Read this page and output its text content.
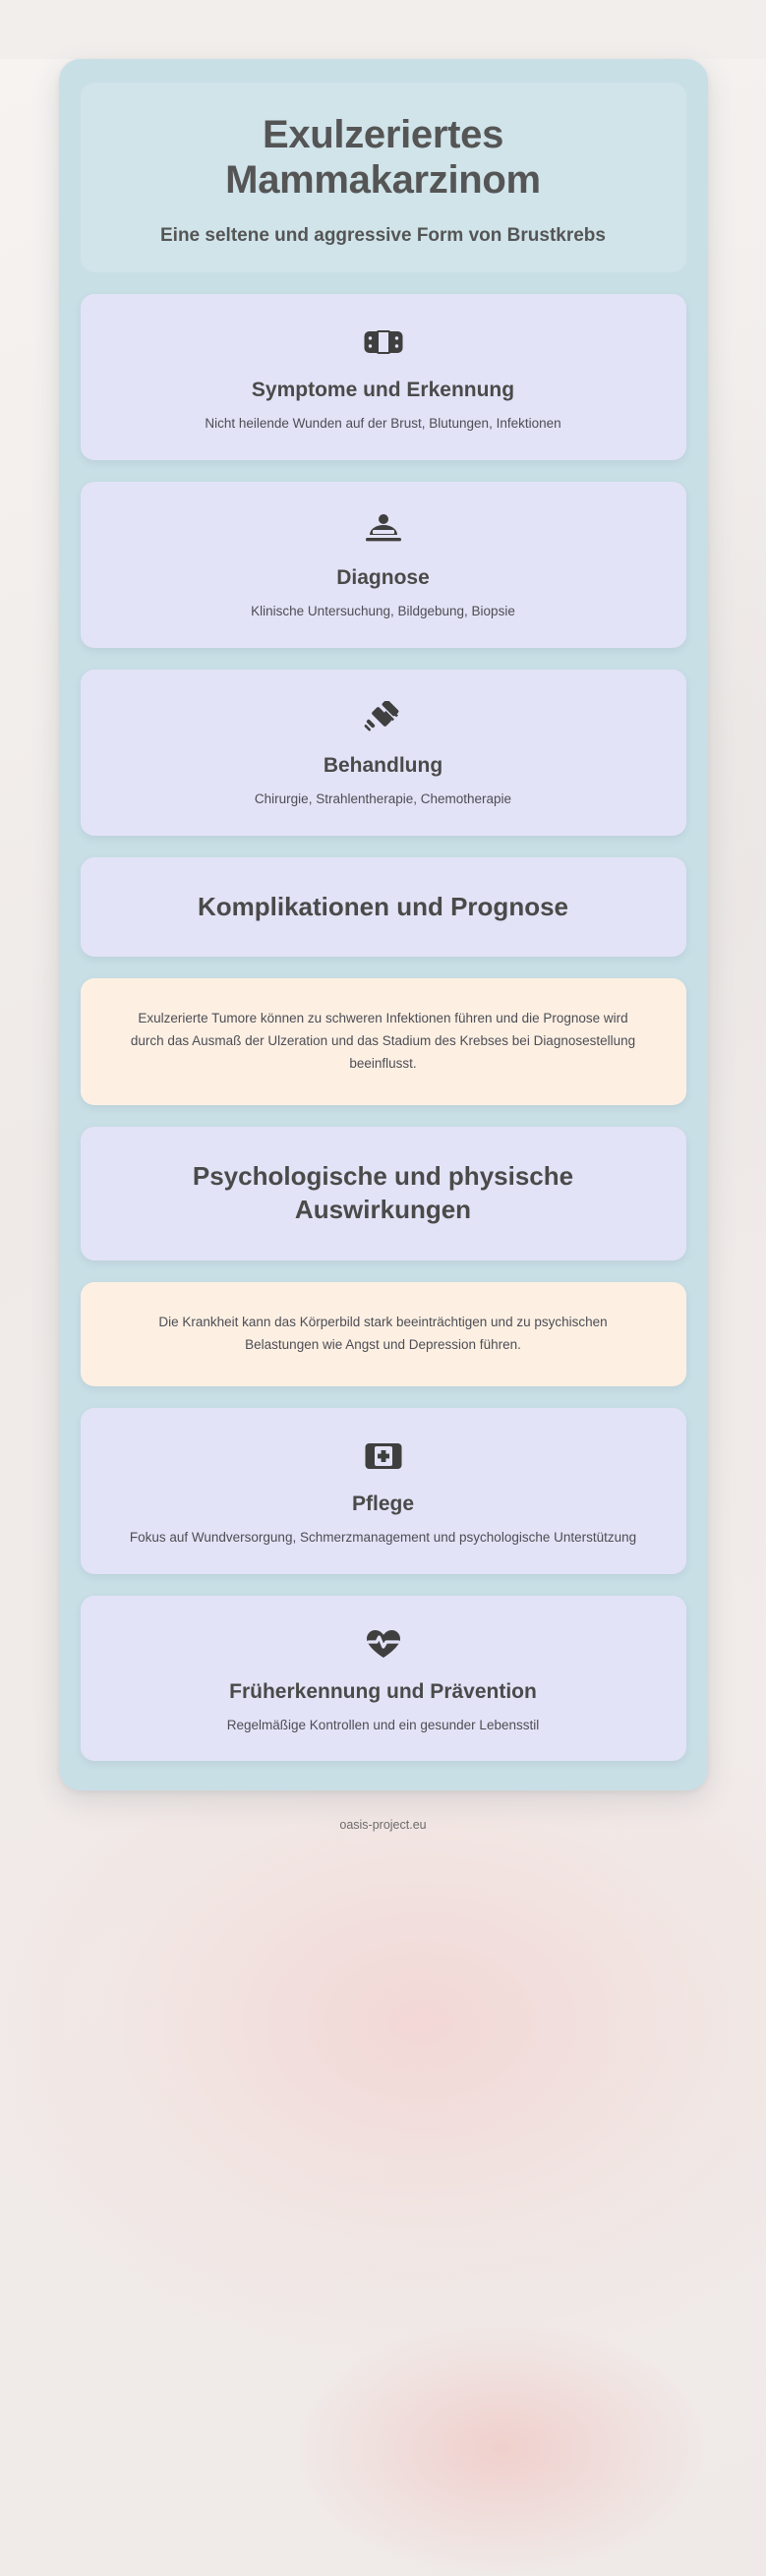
Exulzeriertes Mammakarzinom

Eine seltene und aggressive Form von Brustkrebs

Symptome und Erkennung

Nicht heilende Wunden auf der Brust, Blutungen, Infektionen

Diagnose

Klinische Untersuchung, Bildgebung, Biopsie

Behandlung

Chirurgie, Strahlentherapie, Chemotherapie

Komplikationen und Prognose

Exulzerierte Tumore können zu schweren Infektionen führen und die Prognose wird durch das Ausmaß der Ulzeration und das Stadium des Krebses bei Diagnosestellung beeinflusst.

Psychologische und physische Auswirkungen

Die Krankheit kann das Körperbild stark beeinträchtigen und zu psychischen Belastungen wie Angst und Depression führen.

Pflege

Fokus auf Wundversorgung, Schmerzmanagement und psychologische Unterstützung

Früherkennung und Prävention

Regelmäßige Kontrollen und ein gesunder Lebensstil

oasis-project.eu
